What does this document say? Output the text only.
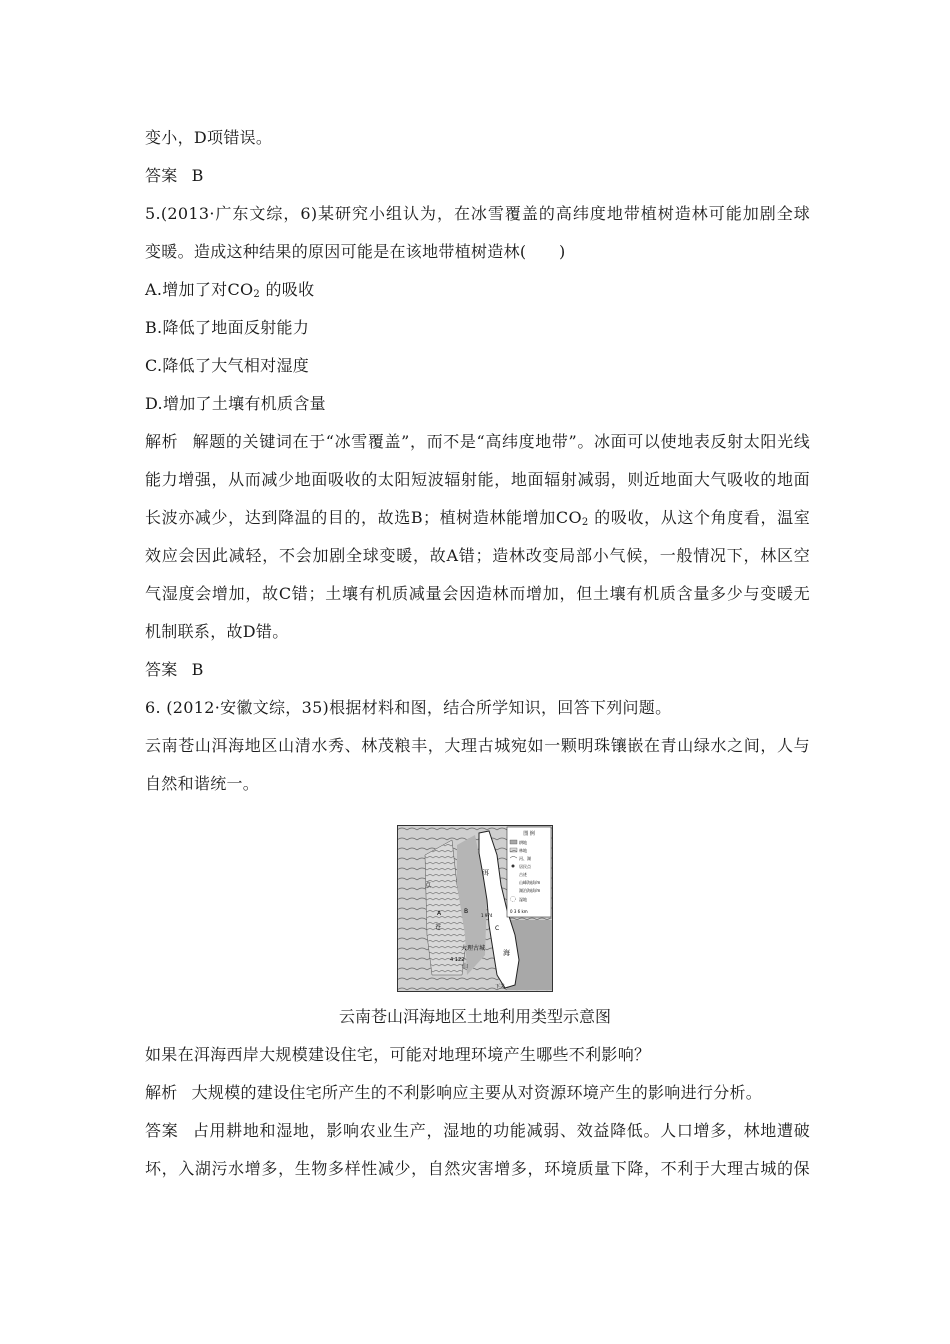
变小，D项错误。
答案 B
5.(2013·广东文综，6)某研究小组认为，在冰雪覆盖的高纬度地带植树造林可能加剧全球
变暖。造成这种结果的原因可能是在该地带植树造林(　　)
A.增加了对$CO_2$ 的吸收
B.降低了地面反射能力
C.降低了大气相对湿度
D.增加了土壤有机质含量
解析 解题的关键词在于“冰雪覆盖”，而不是“高纬度地带”。冰面可以使地表反射太阳光线
能力增强，从而减少地面吸收的太阳短波辐射能，地面辐射减弱，则近地面大气吸收的地面
长波亦减少，达到降温的目的，故选B；植树造林能增加$CO_2$ 的吸收，从这个角度看，温室
效应会因此减轻，不会加剧全球变暖，故A错；造林改变局部小气候，一般情况下，林区空
气湿度会增加，故C错；土壤有机质减量会因造林而增加，但土壤有机质含量多少与变暖无
机制联系，故D错。
答案 B
6. (2012·安徽文综，35)根据材料和图，结合所学知识，回答下列问题。
云南苍山洱海地区山清水秀、林茂粮丰，大理古城宛如一颗明珠镶嵌在青山绿水之间，人与
自然和谐统一。
图 例
耕地
林地
河、湖
居民点
古迹
山峰海拔/m
湖泊海拔/m
湿地
0 3 6 km
洱
海
大理古城
苍
点
A	B
C
山
下关
4 122
1 974
云南苍山洱海地区土地利用类型示意图
如果在洱海西岸大规模建设住宅，可能对地理环境产生哪些不利影响？
解析 大规模的建设住宅所产生的不利影响应主要从对资源环境产生的影响进行分析。
答案 占用耕地和湿地，影响农业生产，湿地的功能减弱、效益降低。人口增多，林地遭破
坏，入湖污水增多，生物多样性减少，自然灾害增多，环境质量下降，不利于大理古城的保
